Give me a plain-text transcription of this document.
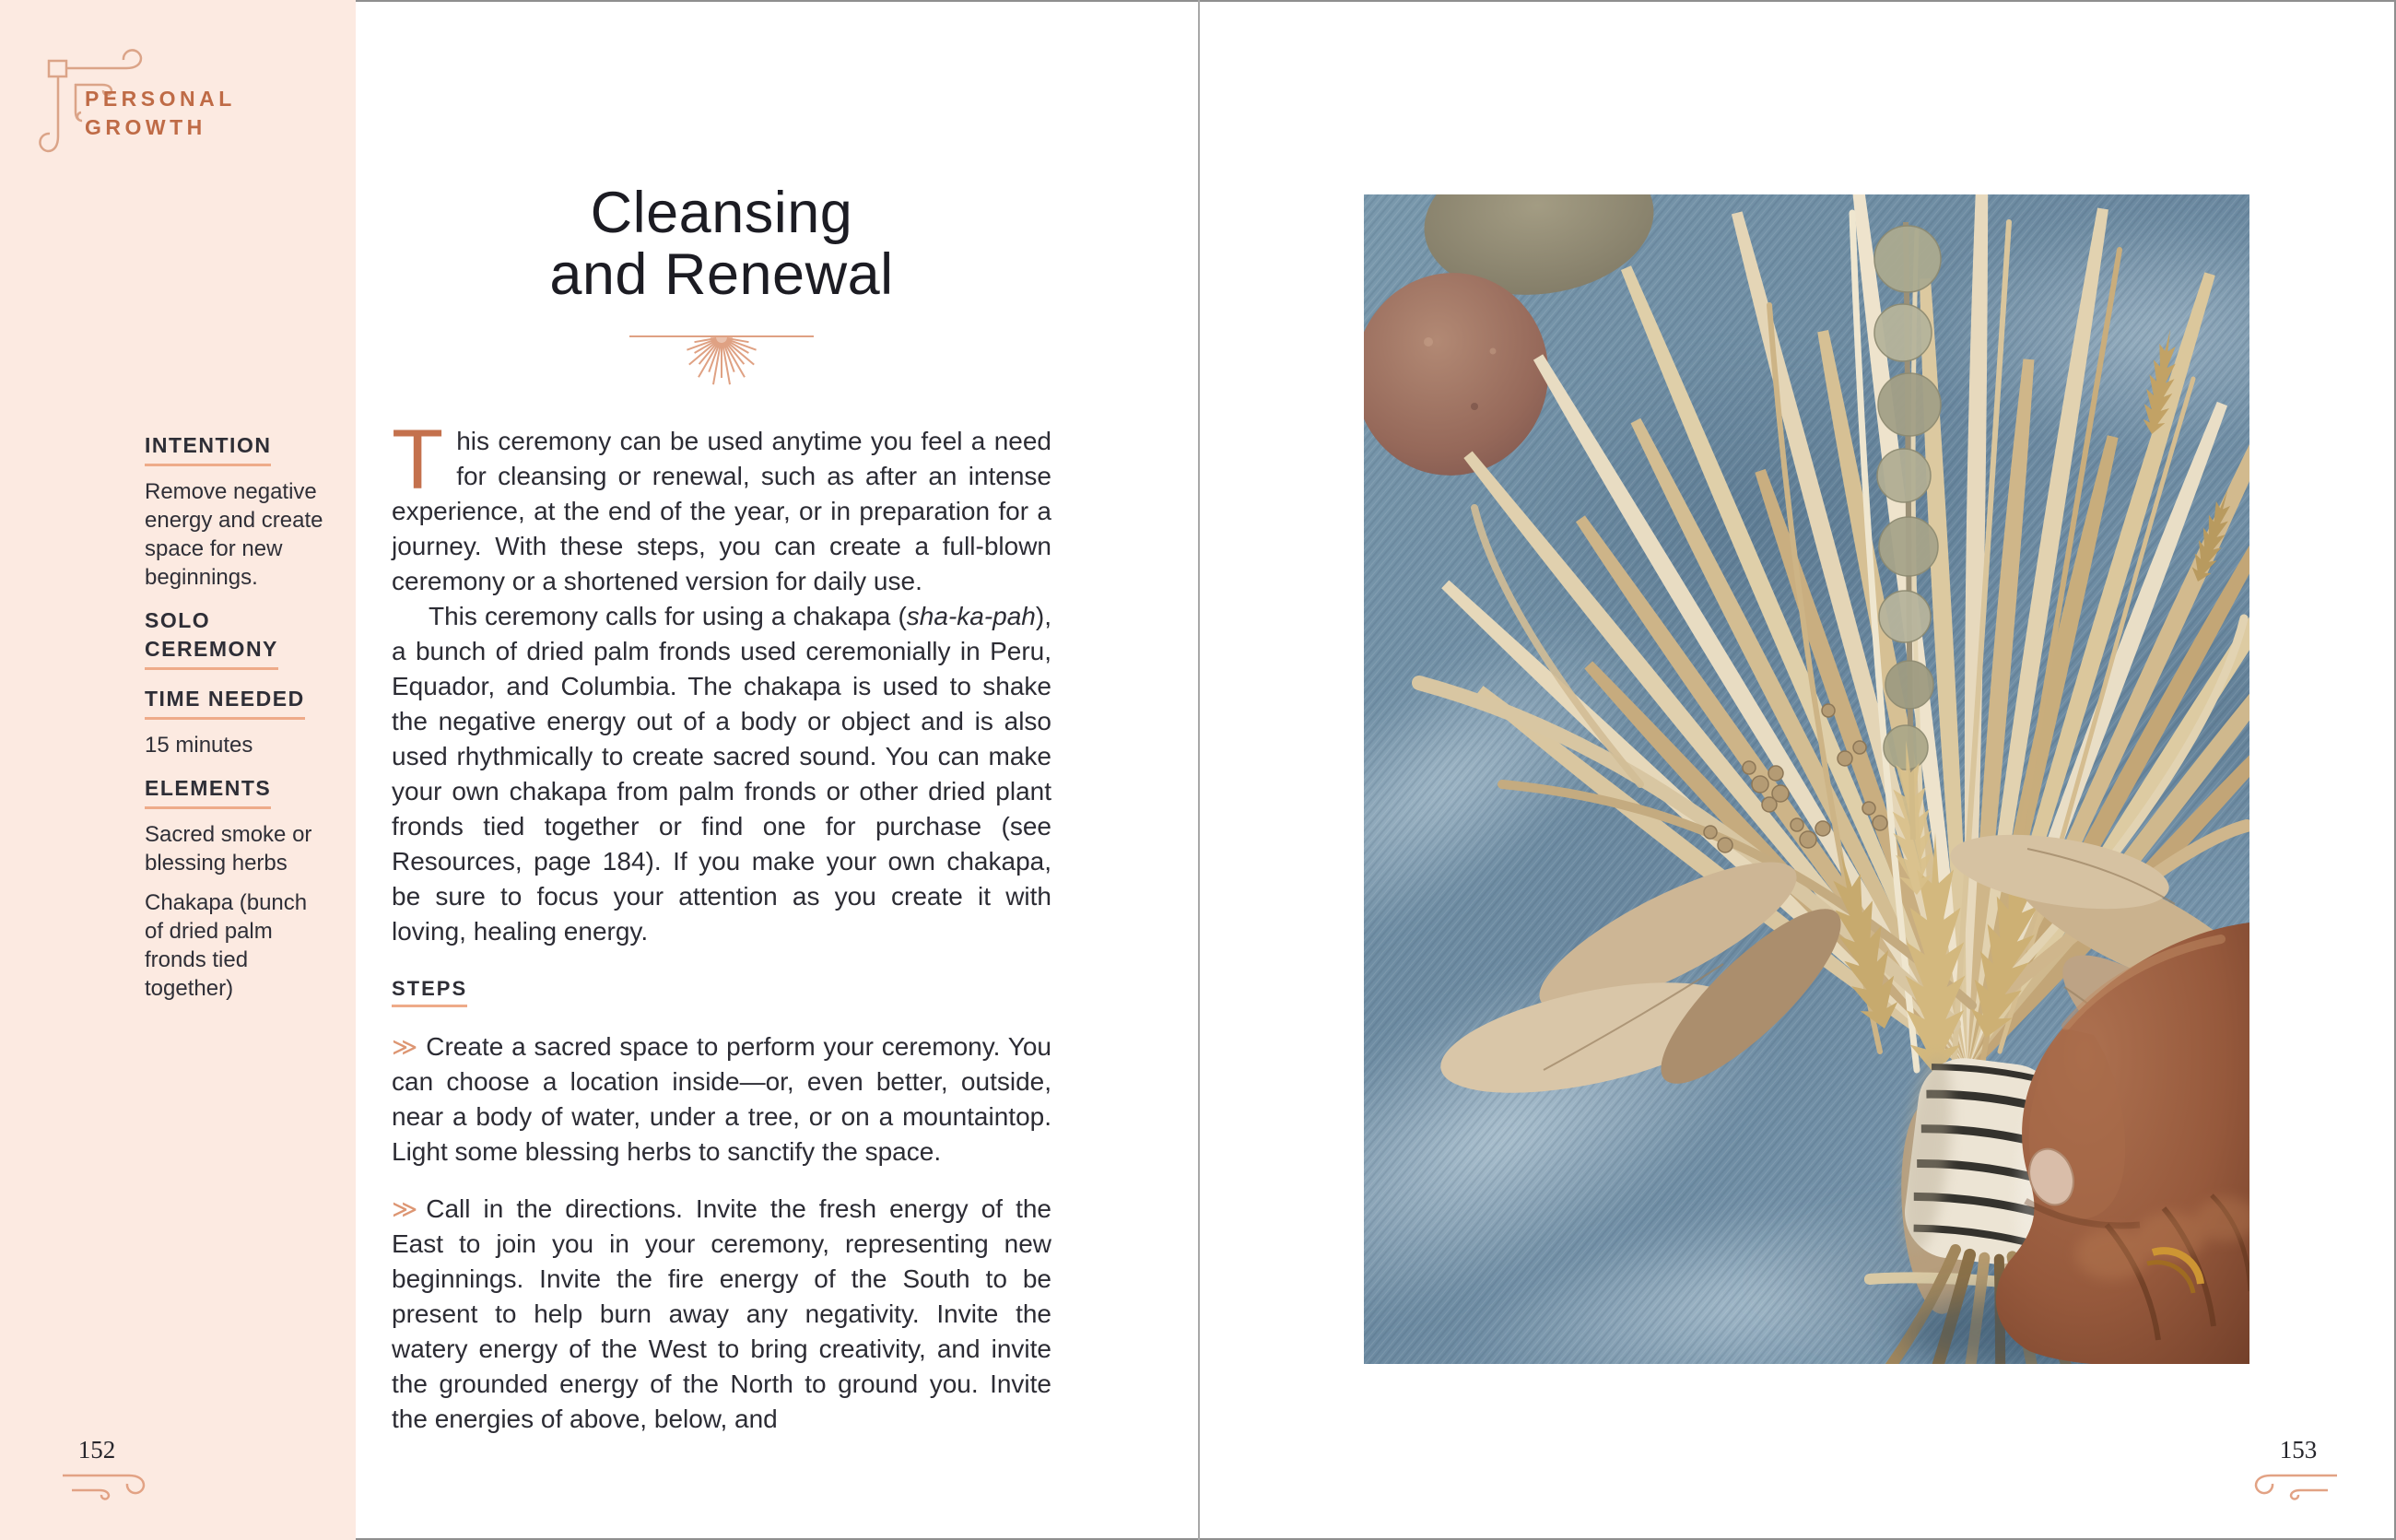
PERSONAL
GROWTH
INTENTION

Remove negative energy and create space for new beginnings.

SOLO
CEREMONY
TIME NEEDED

15 minutes

ELEMENTS

Sacred smoke or blessing herbs

Chakapa (bunch of dried palm fronds tied together)

152
Cleansing
and Renewal

This ceremony can be used anytime you feel a need for cleansing or renewal, such as after an intense experience, at the end of the year, or in preparation for a journey. With these steps, you can create a full-blown ceremony or a shortened version for daily use.

This ceremony calls for using a chakapa (sha-ka-pah), a bunch of dried palm fronds used ceremonially in Peru, Equador, and Columbia. The chakapa is used to shake the negative energy out of a body or object and is also used rhythmically to create sacred sound. You can make your own chakapa from palm fronds or other dried plant fronds tied together or find one for purchase (see Resources, page 184). If you make your own chakapa, be sure to focus your attention as you create it with loving, healing energy.

STEPS

≫ Create a sacred space to perform your ceremony. You can choose a location inside—or, even better, outside, near a body of water, under a tree, or on a mountaintop. Light some blessing herbs to sanctify the space.

≫ Call in the directions. Invite the fresh energy of the East to join you in your ceremony, representing new beginnings. Invite the fire energy of the South to be present to help burn away any negativity. Invite the watery energy of the West to bring creativity, and invite the grounded energy of the North to ground you. Invite the energies of above, below, and

153
